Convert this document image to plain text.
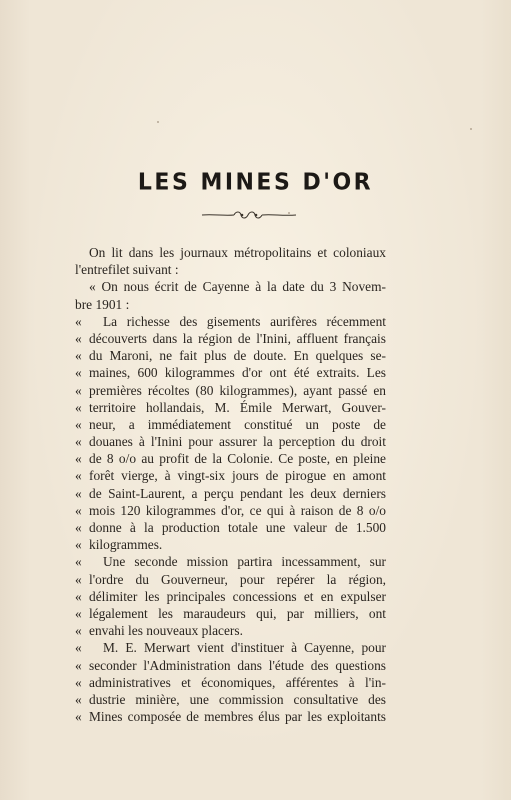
LES MINES D'OR
On lit dans les journaux métropolitains et coloniaux
l'entrefilet suivant :
« On nous écrit de Cayenne à la date du 3 Novem-
bre 1901 :
«	La richesse des gisements aurifères récemment
« découverts dans la région de l'Inini, affluent français
« du Maroni, ne fait plus de doute. En quelques se-
« maines, 600 kilogrammes d'or ont été extraits. Les
« premières récoltes (80 kilogrammes), ayant passé en
« territoire hollandais, M. Émile Merwart, Gouver-
« neur, a immédiatement constitué un poste de
« douanes à l'Inini pour assurer la perception du droit
« de 8 o/o au profit de la Colonie. Ce poste, en pleine
« forêt vierge, à vingt-six jours de pirogue en amont
« de Saint-Laurent, a perçu pendant les deux derniers
« mois 120 kilogrammes d'or, ce qui à raison de 8 o/o
« donne à la production totale une valeur de 1.500
« kilogrammes.
«	Une seconde mission partira incessamment, sur
« l'ordre du Gouverneur, pour repérer la région,
« délimiter les principales concessions et en expulser
« légalement les maraudeurs qui, par milliers, ont
« envahi les nouveaux placers.
«	M. E. Merwart vient d'instituer à Cayenne, pour
« seconder l'Administration dans l'étude des questions
« administratives et économiques, afférentes à l'in-
« dustrie minière, une commission consultative des
« Mines composée de membres élus par les exploitants
